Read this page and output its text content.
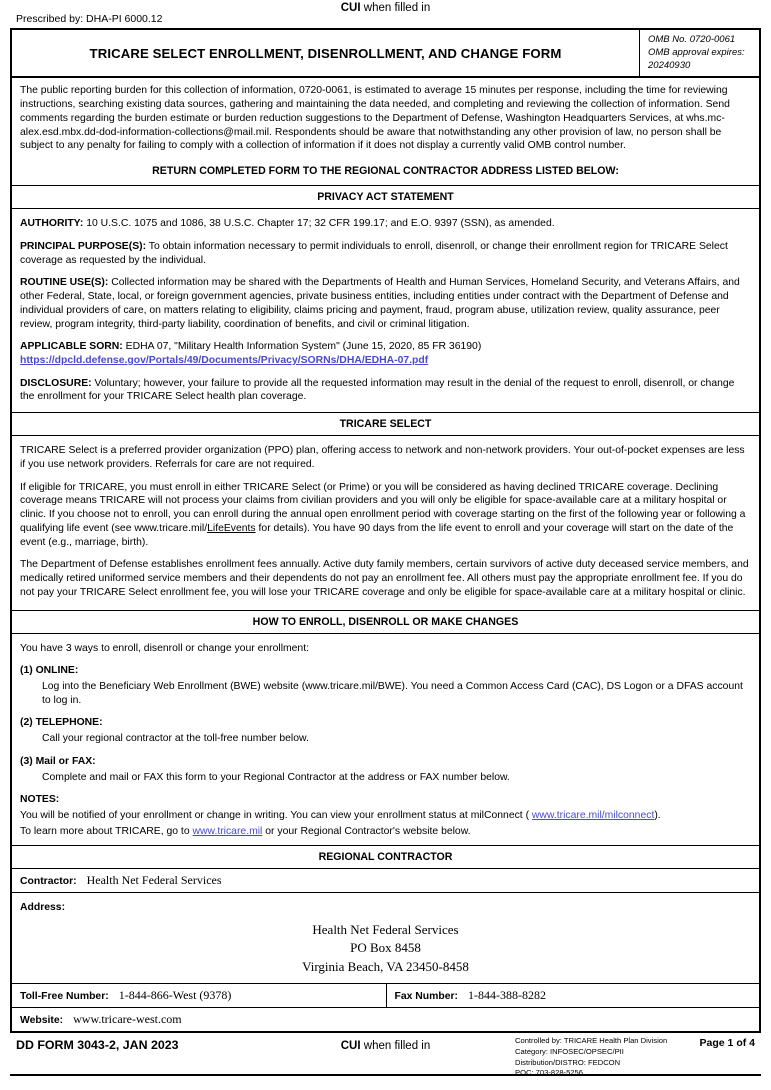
CUI when filled in
Prescribed by: DHA-PI 6000.12
TRICARE SELECT ENROLLMENT, DISENROLLMENT, AND CHANGE FORM
OMB No. 0720-0061
OMB approval expires:
20240930

The public reporting burden for this collection of information, 0720-0061, is estimated to average 15 minutes per response, including the time for reviewing instructions, searching existing data sources, gathering and maintaining the data needed, and completing and reviewing the collection of information. Send comments regarding the burden estimate or burden reduction suggestions to the Department of Defense, Washington Headquarters Services, at whs.mc-alex.esd.mbx.dd-dod-information-collections@mail.mil. Respondents should be aware that notwithstanding any other provision of law, no person shall be subject to any penalty for failing to comply with a collection of information if it does not display a currently valid OMB control number.

RETURN COMPLETED FORM TO THE REGIONAL CONTRACTOR ADDRESS LISTED BELOW:
PRIVACY ACT STATEMENT

AUTHORITY: 10 U.S.C. 1075 and 1086, 38 U.S.C. Chapter 17; 32 CFR 199.17; and E.O. 9397 (SSN), as amended.

PRINCIPAL PURPOSE(S): To obtain information necessary to permit individuals to enroll, disenroll, or change their enrollment region for TRICARE Select coverage as requested by the individual.

ROUTINE USE(S): Collected information may be shared with the Departments of Health and Human Services, Homeland Security, and Veterans Affairs, and other Federal, State, local, or foreign government agencies, private business entities, including entities under contract with the Department of Defense and individual providers of care, on matters relating to eligibility, claims pricing and payment, fraud, program abuse, utilization review, quality assurance, peer review, program integrity, third-party liability, coordination of benefits, and civil or criminal litigation.

APPLICABLE SORN: EDHA 07, "Military Health Information System" (June 15, 2020, 85 FR 36190) https://dpcld.defense.gov/Portals/49/Documents/Privacy/SORNs/DHA/EDHA-07.pdf

DISCLOSURE: Voluntary; however, your failure to provide all the requested information may result in the denial of the request to enroll, disenroll, or change the enrollment for your TRICARE Select health plan coverage.

TRICARE SELECT

TRICARE Select is a preferred provider organization (PPO) plan, offering access to network and non-network providers. Your out-of-pocket expenses are less if you use network providers. Referrals for care are not required.

If eligible for TRICARE, you must enroll in either TRICARE Select (or Prime) or you will be considered as having declined TRICARE coverage. Declining coverage means TRICARE will not process your claims from civilian providers and you will only be eligible for space-available care at a military hospital or clinic. If you choose not to enroll, you can enroll during the annual open enrollment period with coverage starting on the first of the following year or following a qualifying life event (see www.tricare.mil/LifeEvents for details). You have 90 days from the life event to enroll and your coverage will start on the date of the event (e.g., marriage, birth).

The Department of Defense establishes enrollment fees annually. Active duty family members, certain survivors of active duty deceased service members, and medically retired uniformed service members and their dependents do not pay an enrollment fee. All others must pay the appropriate enrollment fee. If you do not pay your TRICARE Select enrollment fee, you will lose your TRICARE coverage and only be eligible for space-available care at a military hospital or clinic.

HOW TO ENROLL, DISENROLL OR MAKE CHANGES

You have 3 ways to enroll, disenroll or change your enrollment:

(1) ONLINE:

Log into the Beneficiary Web Enrollment (BWE) website (www.tricare.mil/BWE). You need a Common Access Card (CAC), DS Logon or a DFAS account to log in.

(2) TELEPHONE:

Call your regional contractor at the toll-free number below.

(3) Mail or FAX:

Complete and mail or FAX this form to your Regional Contractor at the address or FAX number below.

NOTES:

You will be notified of your enrollment or change in writing. You can view your enrollment status at milConnect ( www.tricare.mil/milconnect).

To learn more about TRICARE, go to www.tricare.mil or your Regional Contractor's website below.

REGIONAL CONTRACTOR
Contractor: Health Net Federal Services
Address:
Health Net Federal Services
PO Box 8458
Virginia Beach, VA 23450-8458
Toll-Free Number: 1-844-866-West (9378)	Fax Number: 1-844-388-8282
Website: www.tricare-west.com
DD FORM 3043-2, JAN 2023	CUI when filled in	Controlled by: TRICARE Health Plan Division
Category: INFOSEC/OPSEC/PII
Distribution/DISTRO: FEDCON
POC: 703-828-5256
Page 1 of 4
